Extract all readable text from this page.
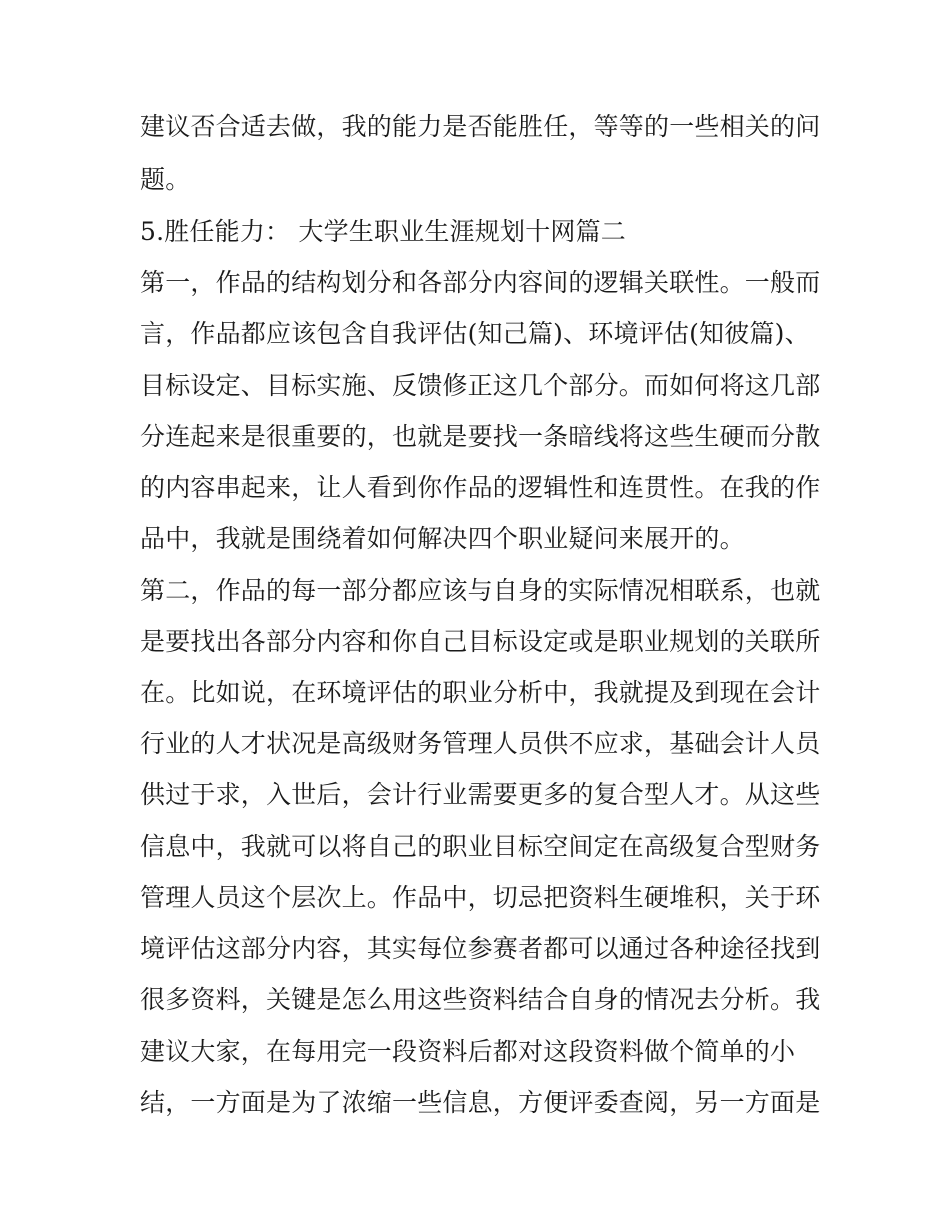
建议否合适去做，我的能力是否能胜任，等等的一些相关的问
题。
5.胜任能力： 大学生职业生涯规划十网篇二
第一，作品的结构划分和各部分内容间的逻辑关联性。一般而
言，作品都应该包含自我评估(知己篇)、环境评估(知彼篇)、
目标设定、目标实施、反馈修正这几个部分。而如何将这几部
分连起来是很重要的，也就是要找一条暗线将这些生硬而分散
的内容串起来，让人看到你作品的逻辑性和连贯性。在我的作
品中，我就是围绕着如何解决四个职业疑问来展开的。
第二，作品的每一部分都应该与自身的实际情况相联系，也就
是要找出各部分内容和你自己目标设定或是职业规划的关联所
在。比如说，在环境评估的职业分析中，我就提及到现在会计
行业的人才状况是高级财务管理人员供不应求，基础会计人员
供过于求，入世后，会计行业需要更多的复合型人才。从这些
信息中，我就可以将自己的职业目标空间定在高级复合型财务
管理人员这个层次上。作品中，切忌把资料生硬堆积，关于环
境评估这部分内容，其实每位参赛者都可以通过各种途径找到
很多资料，关键是怎么用这些资料结合自身的情况去分析。我
建议大家，在每用完一段资料后都对这段资料做个简单的小
结，一方面是为了浓缩一些信息，方便评委查阅，另一方面是
